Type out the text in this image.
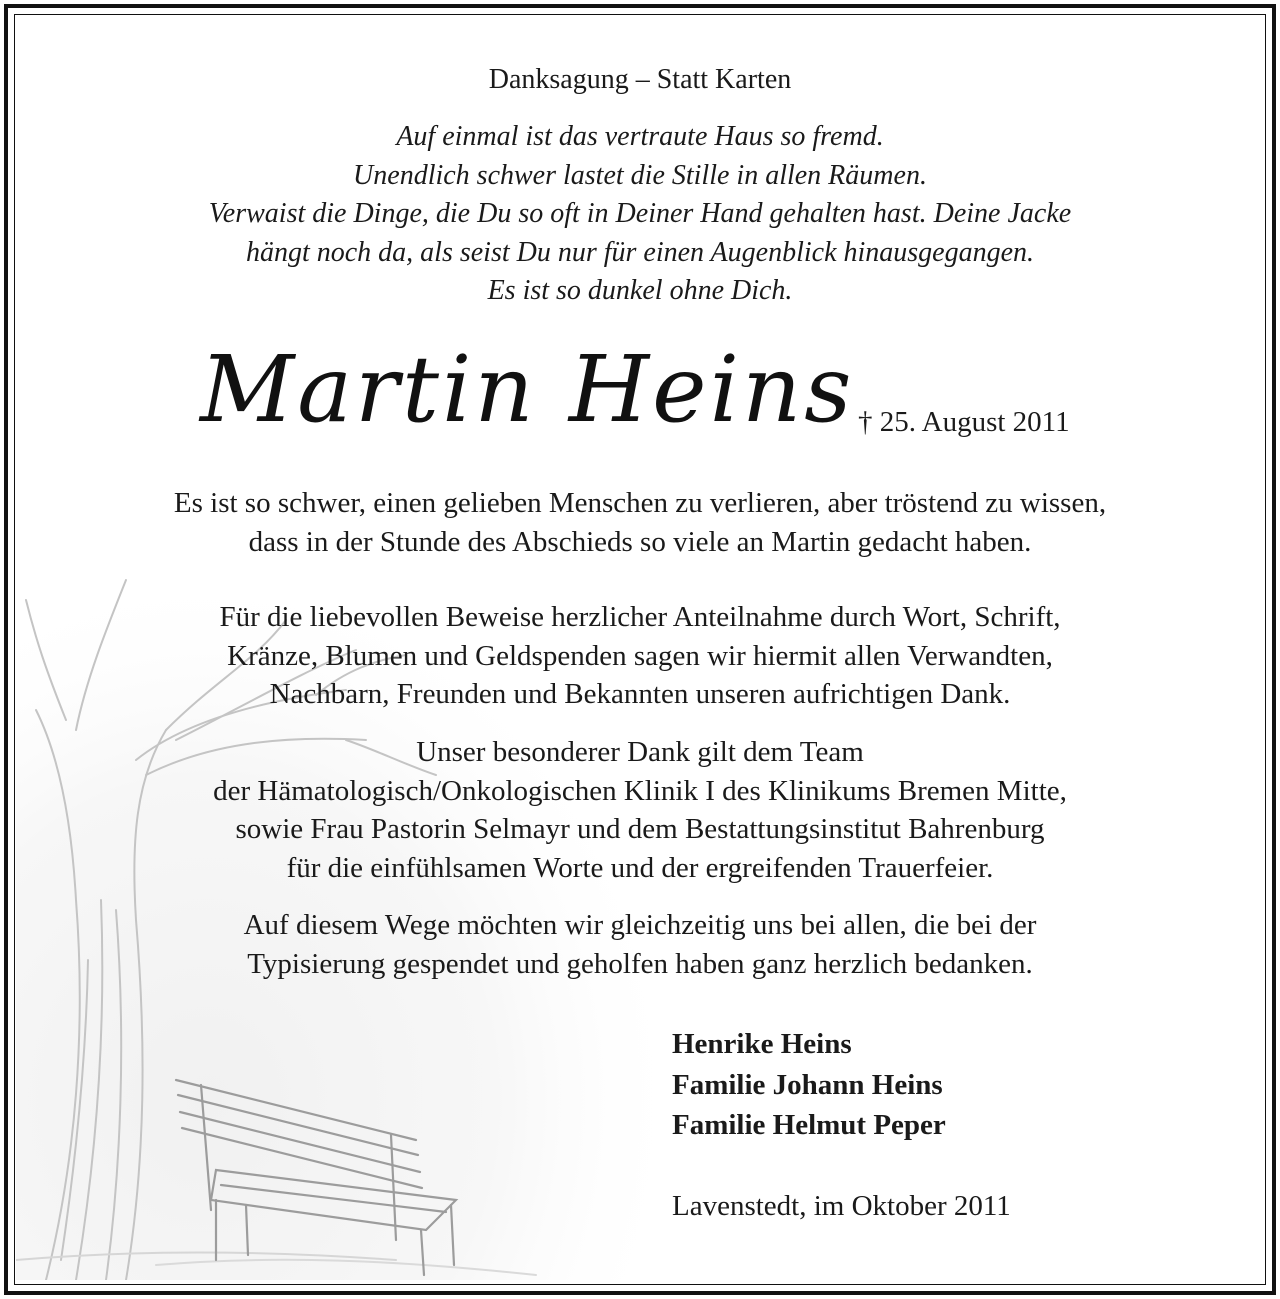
Danksagung – Statt Karten
Auf einmal ist das vertraute Haus so fremd.
Unendlich schwer lastet die Stille in allen Räumen.
Verwaist die Dinge, die Du so oft in Deiner Hand gehalten hast. Deine Jacke
hängt noch da, als seist Du nur für einen Augenblick hinausgegangen.
Es ist so dunkel ohne Dich.
Martin Heins † 25. August 2011
Es ist so schwer, einen gelieben Menschen zu verlieren, aber tröstend zu wissen,
dass in der Stunde des Abschieds so viele an Martin gedacht haben.
Für die liebevollen Beweise herzlicher Anteilnahme durch Wort, Schrift,
Kränze, Blumen und Geldspenden sagen wir hiermit allen Verwandten,
Nachbarn, Freunden und Bekannten unseren aufrichtigen Dank.
Unser besonderer Dank gilt dem Team
der Hämatologisch/Onkologischen Klinik I des Klinikums Bremen Mitte,
sowie Frau Pastorin Selmayr und dem Bestattungsinstitut Bahrenburg
für die einfühlsamen Worte und der ergreifenden Trauerfeier.
Auf diesem Wege möchten wir gleichzeitig uns bei allen, die bei der
Typisierung gespendet und geholfen haben ganz herzlich bedanken.
Henrike Heins
Familie Johann Heins
Familie Helmut Peper
Lavenstedt, im Oktober 2011
